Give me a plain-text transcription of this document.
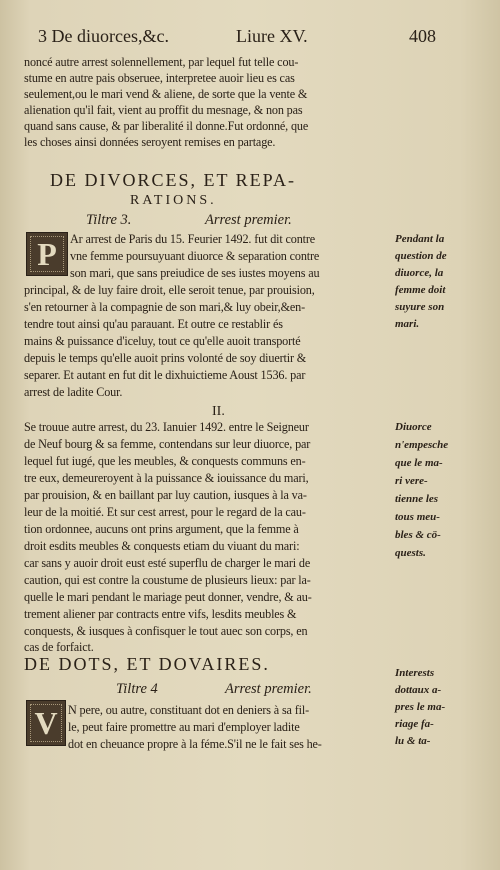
3 De diuorces,&c.	Liure XV.	408
noncé autre arrest solennellement, par lequel fut telle cou-
stume en autre pais obseruee, interpretee auoir lieu es cas
seulement,ou le mari vend & aliene, de sorte que la vente &
alienation qu'il fait, vient au proffit du mesnage, & non pas
quand sans cause, & par liberalité il donne.Fut ordonné, que
les choses ainsi données seroyent remises en partage.
DE DIVORCES, ET REPA-
RATIONS.
Tiltre 3.	Arrest premier.
P Ar arrest de Paris du 15. Feurier 1492. fut dit contre
vne femme poursuyuant diuorce & separation contre
son mari, que sans preiudice de ses iustes moyens au
principal, & de luy faire droit, elle seroit tenue, par prouision,
s'en retourner à la compagnie de son mari,& luy obeir,&en-
tendre tout ainsi qu'au parauant. Et outre ce restablir és
mains & puissance d'iceluy, tout ce qu'elle auoit transporté
depuis le temps qu'elle auoit prins volonté de soy diuertir &
separer. Et autant en fut dit le dixhuictieme Aoust 1536. par
arrest de ladite Cour.
Pendant la
question de
diuorce, la
femme doit
suyure son
mari.
II.
Se trouue autre arrest, du 23. Ianuier 1492. entre le Seigneur
de Neuf bourg & sa femme, contendans sur leur diuorce, par
lequel fut iugé, que les meubles, & conquests communs en-
tre eux, demeureroyent à la puissance & iouissance du mari,
par prouision, & en baillant par luy caution, iusques à la va-
leur de la moitié. Et sur cest arrest, pour le regard de la cau-
tion ordonnee, aucuns ont prins argument, que la femme à
droit esdits meubles & conquests etiam du viuant du mari:
car sans y auoir droit eust esté superflu de charger le mari de
caution, qui est contre la coustume de plusieurs lieux: par la-
quelle le mari pendant le mariage peut donner, vendre, & au-
trement aliener par contracts entre vifs, lesdits meubles &
conquests, & iusques à confisquer le tout auec son corps, en
cas de forfaict.
Diuorce
n'empesche
que le ma-
ri vere-
tienne les
tous meu-
bles & cö-
quests.
DE DOTS, ET DOVAIRES.
Tiltre 4	Arrest premier.
V N pere, ou autre, constituant dot en deniers à sa fil-
le, peut faire promettre au mari d'employer ladite
dot en cheuance propre à la féme.S'il ne le fait ses he-
Interests
dottaux a-
pres le ma-
riage fa-
lu & ta-
